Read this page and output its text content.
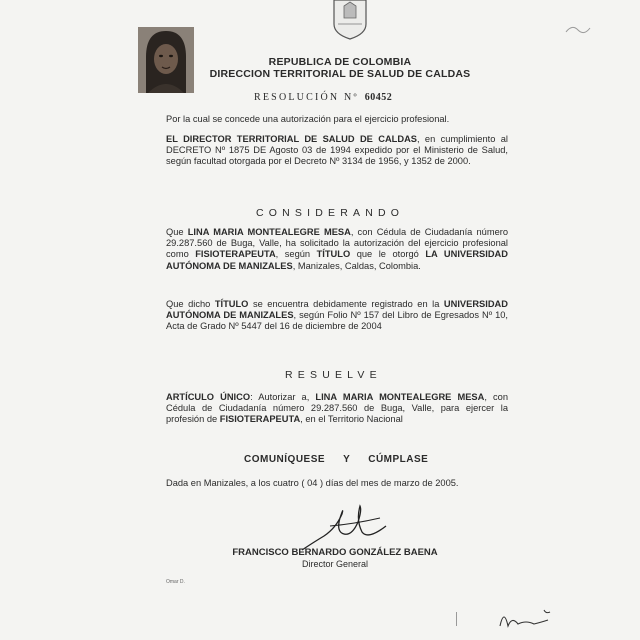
REPUBLICA DE COLOMBIA
DIRECCION TERRITORIAL DE SALUD DE CALDAS
RESOLUCIÓN Nº 60452
Por la cual se concede una autorización para el ejercicio profesional.
EL DIRECTOR TERRITORIAL DE SALUD DE CALDAS, en cumplimiento al DECRETO Nº 1875 DE Agosto 03 de 1994 expedido por el Ministerio de Salud, según facultad otorgada por el Decreto Nº 3134 de 1956, y 1352 de 2000.
CONSIDERANDO
Que LINA MARIA MONTEALEGRE MESA, con Cédula de Ciudadanía número 29.287.560 de Buga, Valle, ha solicitado la autorización del ejercicio profesional como FISIOTERAPEUTA, según TÍTULO que le otorgó LA UNIVERSIDAD AUTÓNOMA DE MANIZALES, Manizales, Caldas, Colombia.
Que dicho TÍTULO se encuentra debidamente registrado en la UNIVERSIDAD AUTÓNOMA DE MANIZALES, según Folio Nº 157 del Libro de Egresados Nº 10, Acta de Grado Nº 5447 del 16 de diciembre de 2004
RESUELVE
ARTÍCULO ÚNICO: Autorizar a, LINA MARIA MONTEALEGRE MESA, con Cédula de Ciudadanía número 29.287.560 de Buga, Valle, para ejercer la profesión de FISIOTERAPEUTA, en el Territorio Nacional
COMUNÍQUESE Y CÚMPLASE
Dada en Manizales, a los cuatro ( 04 ) días del mes de marzo de 2005.
FRANCISCO BERNARDO GONZÁLEZ BAENA
Director General
Omar D.
